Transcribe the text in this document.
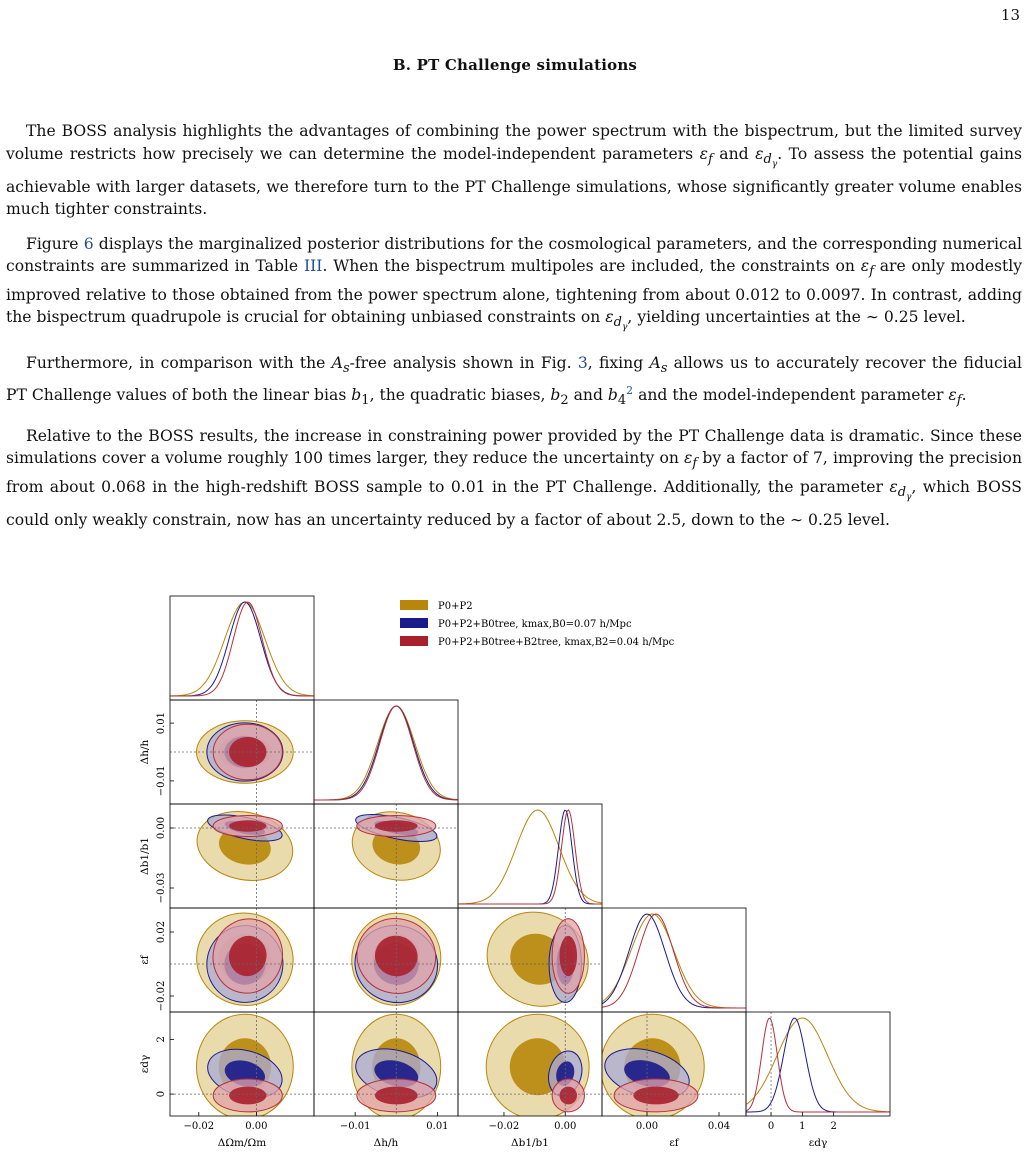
13
B. PT Challenge simulations

The BOSS analysis highlights the advantages of combining the power spectrum with the bispectrum, but the limited survey volume restricts how precisely we can determine the model-independent parameters $\varepsilon_f$ and $\varepsilon_{d_\gamma}$. To assess the potential gains achievable with larger datasets, we therefore turn to the PT Challenge simulations, whose significantly greater volume enables much tighter constraints.

Figure 6 displays the marginalized posterior distributions for the cosmological parameters, and the corresponding numerical constraints are summarized in Table III. When the bispectrum multipoles are included, the constraints on $\varepsilon_f$ are only modestly improved relative to those obtained from the power spectrum alone, tightening from about 0.012 to 0.0097. In contrast, adding the bispectrum quadrupole is crucial for obtaining unbiased constraints on $\varepsilon_{d_\gamma}$, yielding uncertainties at the ∼ 0.25 level.

Furthermore, in comparison with the $A_s$-free analysis shown in Fig. 3, fixing $A_s$ allows us to accurately recover the fiducial PT Challenge values of both the linear bias $b_1$, the quadratic biases, $b_2$ and $b_4^2$ and the model-independent parameter $\varepsilon_f$.

Relative to the BOSS results, the increase in constraining power provided by the PT Challenge data is dramatic. Since these simulations cover a volume roughly 100 times larger, they reduce the uncertainty on $\varepsilon_f$ by a factor of 7, improving the precision from about 0.068 in the high-redshift BOSS sample to 0.01 in the PT Challenge. Additionally, the parameter $\varepsilon_{d_\gamma}$, which BOSS could only weakly constrain, now has an uncertainty reduced by a factor of about 2.5, down to the ∼ 0.25 level.

−0.02	0.00
ΔΩm/Ωm
−0.01	0.01
Δh/h
−0.02	0.00
Δb1/b1
0.00	0.04
εf
0 1 2
εdγ
−0.01
0.01
Δh/h
−0.03
0.00
Δb1/b1
−0.02
0.02
εf
0
2
εdγ
P0+P2
P0+P2+B0tree, kmax,B0=0.07 h/Mpc
P0+P2+B0tree+B2tree, kmax,B2=0.04 h/Mpc
